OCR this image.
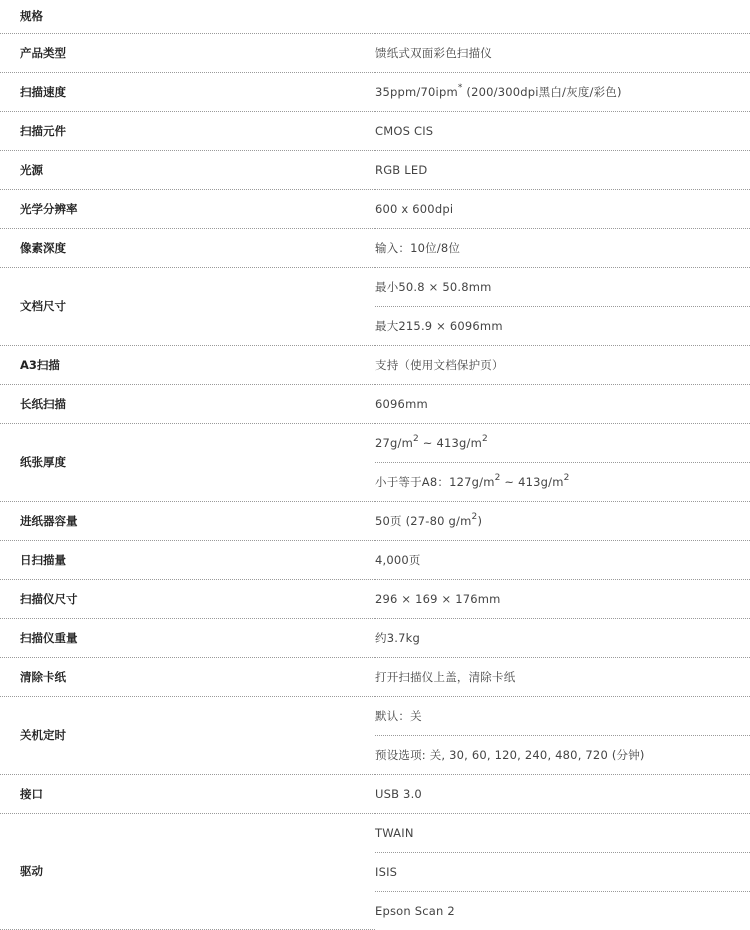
规格	
产品类型	馈纸式双面彩色扫描仪
扫描速度	35ppm/70ipm* (200/300dpi黑白/灰度/彩色)
扫描元件	CMOS CIS
光源	RGB LED
光学分辨率	600 x 600dpi
像素深度	输入：10位/8位
文档尺寸	最小50.8 × 50.8mm
	最大215.9 × 6096mm
A3扫描	支持（使用文档保护页）
长纸扫描	6096mm
纸张厚度	$27g/m^2$ ~ $413g/m^2$
	小于等于A8：$127g/m^2$ ~ $413g/m^2$
进纸器容量	50页 (27-80 $g/m^2$)
日扫描量	4,000页
扫描仪尺寸	296 × 169 × 176mm
扫描仪重量	约3.7kg
清除卡纸	打开扫描仪上盖，清除卡纸
关机定时	默认：关
	预设选项: 关, 30, 60, 120, 240, 480, 720 (分钟)
接口	USB 3.0
驱动	TWAIN
	ISIS
	Epson Scan 2
